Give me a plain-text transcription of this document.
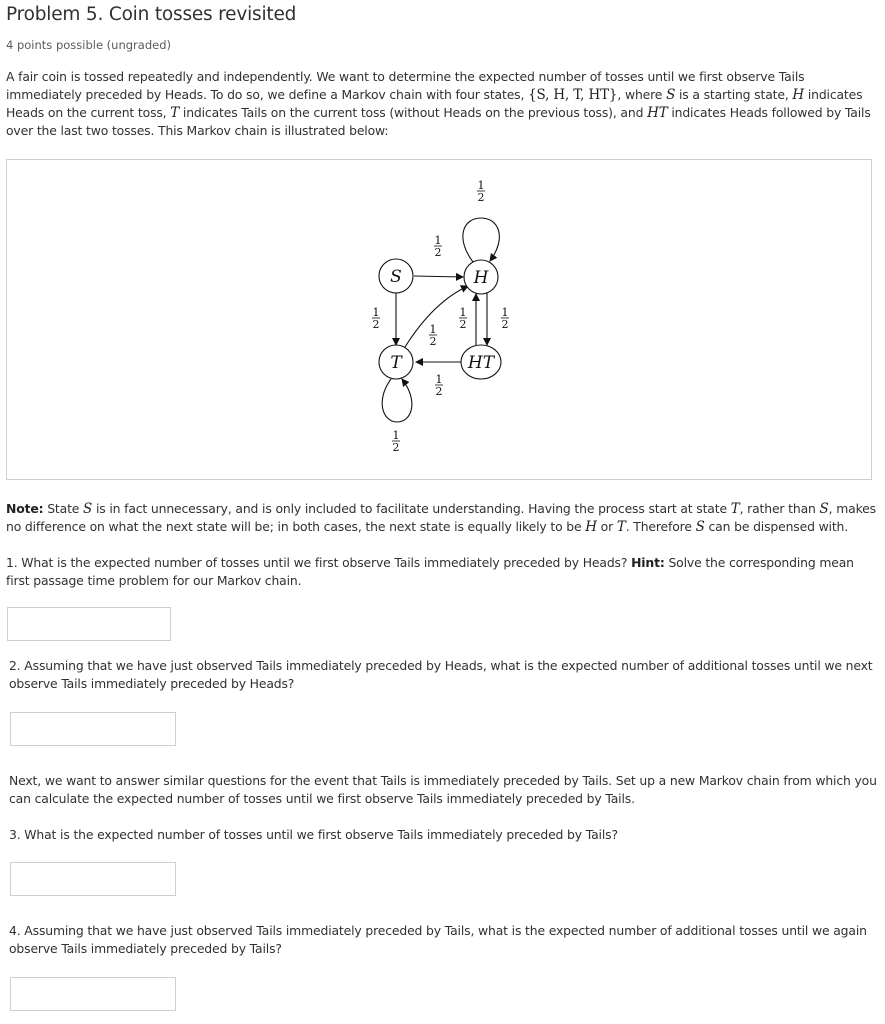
Problem 5. Coin tosses revisited
4 points possible (ungraded)

A fair coin is tossed repeatedly and independently. We want to determine the expected number of tosses until we first observe Tails immediately preceded by Heads. To do so, we define a Markov chain with four states, {S, H, T, HT}, where S is a starting state, H indicates Heads on the current toss, T indicates Tails on the current toss (without Heads on the previous toss), and HT indicates Heads followed by Tails over the last two tosses. This Markov chain is illustrated below:

S	H
T	HT
1
2
1
2
1
2	1
2
1
2
1
2
1
2
1
2

Note: State S is in fact unnecessary, and is only included to facilitate understanding. Having the process start at state T, rather than S, makes no difference on what the next state will be; in both cases, the next state is equally likely to be H or T. Therefore S can be dispensed with.

1. What is the expected number of tosses until we first observe Tails immediately preceded by Heads? Hint: Solve the corresponding mean first passage time problem for our Markov chain.

2. Assuming that we have just observed Tails immediately preceded by Heads, what is the expected number of additional tosses until we next observe Tails immediately preceded by Heads?

Next, we want to answer similar questions for the event that Tails is immediately preceded by Tails. Set up a new Markov chain from which you can calculate the expected number of tosses until we first observe Tails immediately preceded by Tails.

3. What is the expected number of tosses until we first observe Tails immediately preceded by Tails?

4. Assuming that we have just observed Tails immediately preceded by Tails, what is the expected number of additional tosses until we again observe Tails immediately preceded by Tails?
